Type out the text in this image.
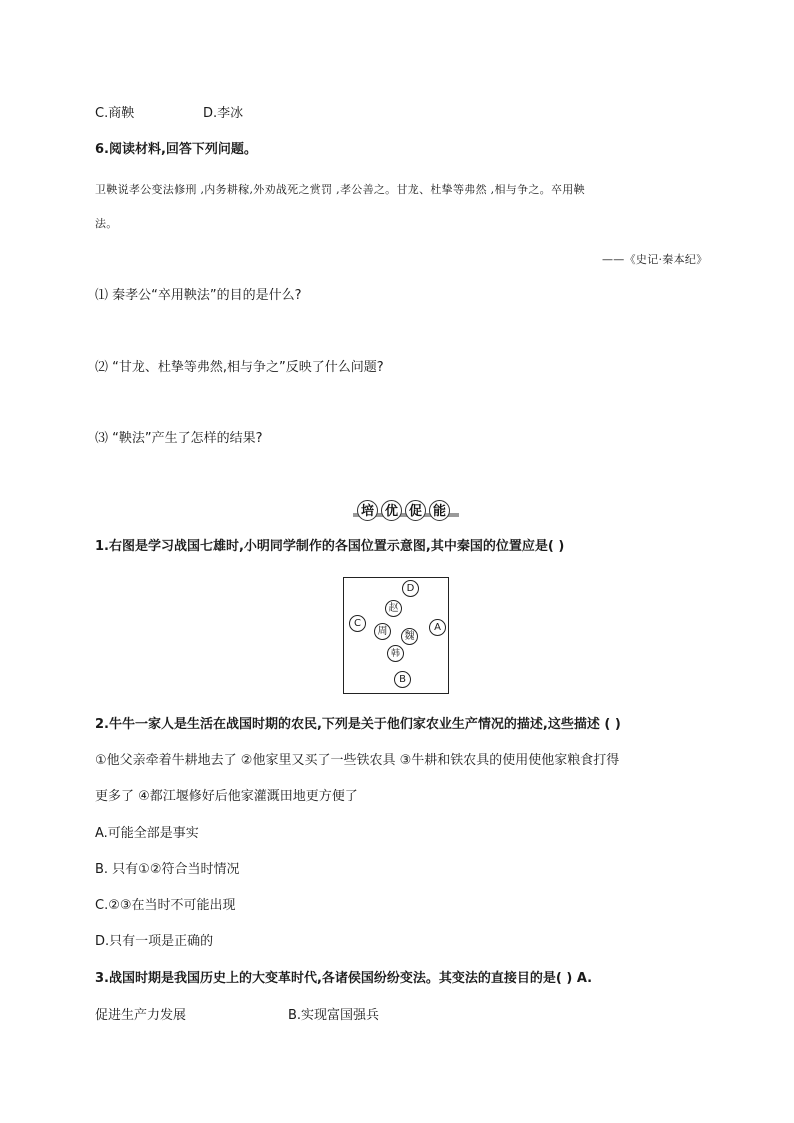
C.商鞅	D.李冰
6.阅读材料,回答下列问题。
卫鞅说孝公变法修刑 ,内务耕稼,外劝战死之赏罚 ,孝公善之。甘龙、杜挚等弗然 ,相与争之。卒用鞅
法。
——《史记·秦本纪》
⑴ 秦孝公“卒用鞅法”的目的是什么?
⑵ “甘龙、杜挚等弗然,相与争之”反映了什么问题?
⑶ “鞅法”产生了怎样的结果?
培 优 促 能
1.右图是学习战国七雄时,小明同学制作的各国位置示意图,其中秦国的位置应是( )
D
赵
C
周	魏
A
韩
B
2.牛牛一家人是生活在战国时期的农民,下列是关于他们家农业生产情况的描述,这些描述 ( )
①他父亲牵着牛耕地去了 ②他家里又买了一些铁农具 ③牛耕和铁农具的使用使他家粮食打得
更多了 ④都江堰修好后他家灌溉田地更方便了
A.可能全部是事实
B. 只有①②符合当时情况
C.②③在当时不可能出现
D.只有一项是正确的
3.战国时期是我国历史上的大变革时代,各诸侯国纷纷变法。其变法的直接目的是( ) A.
促进生产力发展	B.实现富国强兵
